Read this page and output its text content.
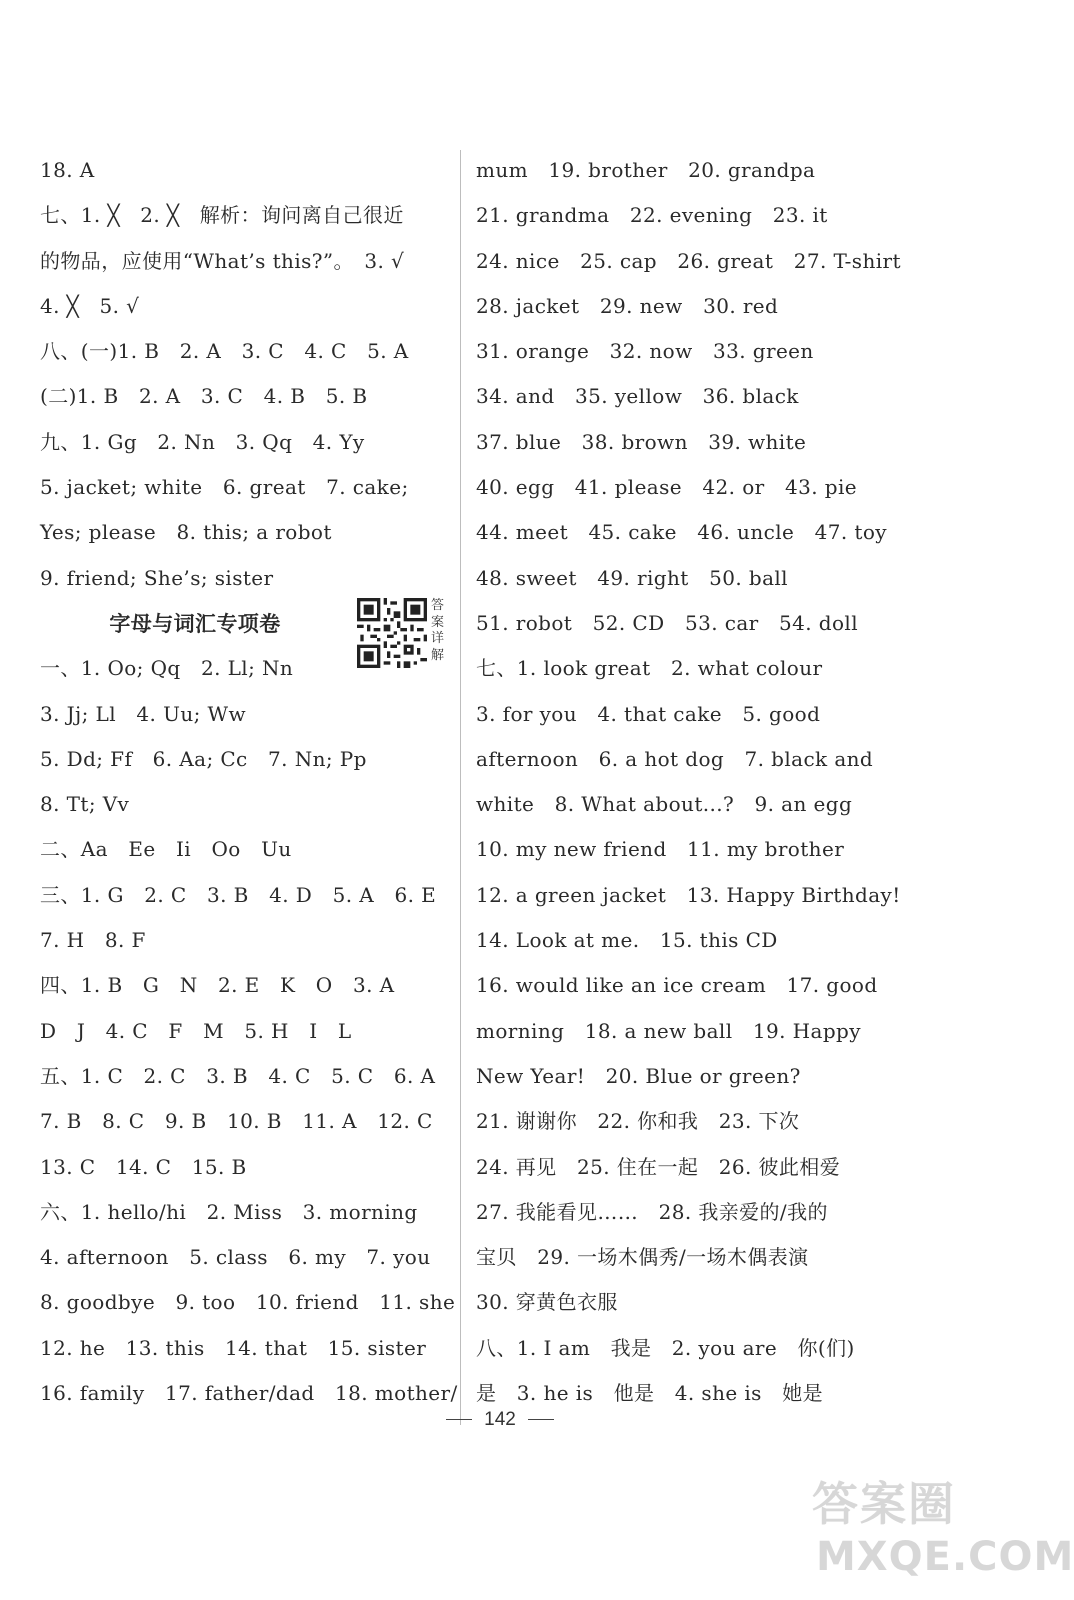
18. A
七、1. ╳　2. ╳　解析：询问离自己很近
的物品，应使用“What’s this?”。　3. √
4. ╳　5. √
八、(一)1. B　2. A　3. C　4. C　5. A
(二)1. B　2. A　3. C　4. B　5. B
九、1. Gg　2. Nn　3. Qq　4. Yy
5. jacket; white　6. great　7. cake;
Yes; please　8. this; a robot
9. friend; She’s; sister
字母与词汇专项卷
一、1. Oo; Qq　2. Ll; Nn
3. Jj; Ll　4. Uu; Ww
5. Dd; Ff　6. Aa; Cc　7. Nn; Pp
8. Tt; Vv
二、Aa　Ee　Ii　Oo　Uu
三、1. G　2. C　3. B　4. D　5. A　6. E
7. H　8. F
四、1. B　G　N　2. E　K　O　3. A
D　J　4. C　F　M　5. H　I　L
五、1. C　2. C　3. B　4. C　5. C　6. A
7. B　8. C　9. B　10. B　11. A　12. C
13. C　14. C　15. B
六、1. hello/hi　2. Miss　3. morning
4. afternoon　5. class　6. my　7. you
8. goodbye　9. too　10. friend　11. she
12. he　13. this　14. that　15. sister
16. family　17. father/dad　18. mother/
mum　19. brother　20. grandpa
21. grandma　22. evening　23. it
24. nice　25. cap　26. great　27. T-shirt
28. jacket　29. new　30. red
31. orange　32. now　33. green
34. and　35. yellow　36. black
37. blue　38. brown　39. white
40. egg　41. please　42. or　43. pie
44. meet　45. cake　46. uncle　47. toy
48. sweet　49. right　50. ball
51. robot　52. CD　53. car　54. doll
七、1. look great　2. what colour
3. for you　4. that cake　5. good
afternoon　6. a hot dog　7. black and
white　8. What about...?　9. an egg
10. my new friend　11. my brother
12. a green jacket　13. Happy Birthday!
14. Look at me.　15. this CD
16. would like an ice cream　17. good
morning　18. a new ball　19. Happy
New Year!　20. Blue or green?
21. 谢谢你　22. 你和我　23. 下次
24. 再见　25. 住在一起　26. 彼此相爱
27. 我能看见……　28. 我亲爱的/我的
宝贝　29. 一场木偶秀/一场木偶表演
30. 穿黄色衣服
八、1. I am　我是　2. you are　你(们)
是　3. he is　他是　4. she is　她是
答案详解
142
答案圈
MXQE.COM
